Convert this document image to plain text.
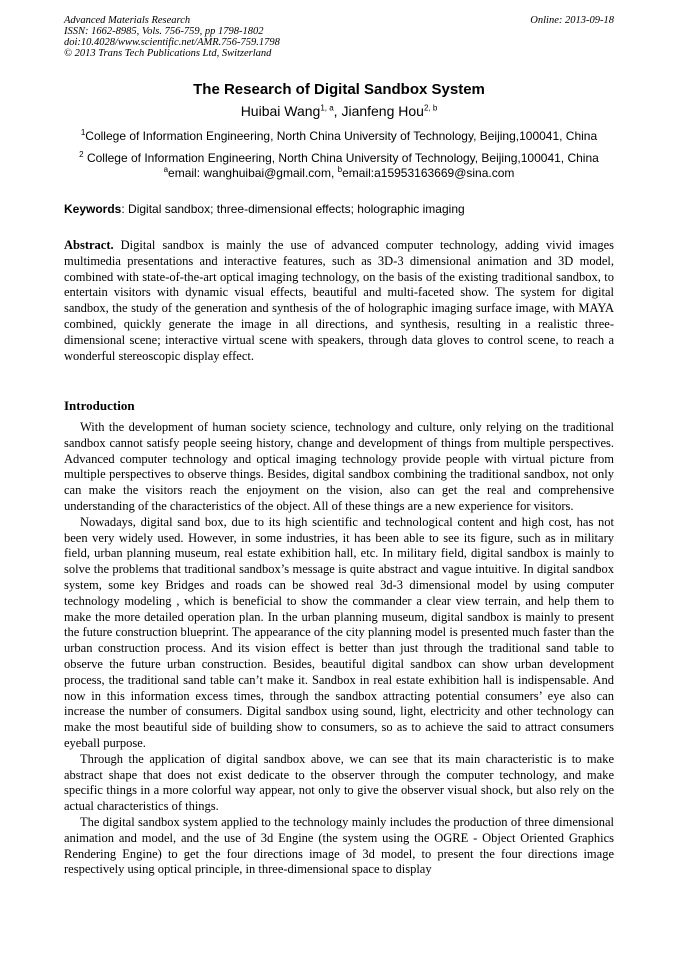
Advanced Materials Research
ISSN: 1662-8985, Vols. 756-759, pp 1798-1802
doi:10.4028/www.scientific.net/AMR.756-759.1798
© 2013 Trans Tech Publications Ltd, Switzerland
Online: 2013-09-18
The Research of Digital Sandbox System
Huibai Wang$^{1, a}$, Jianfeng Hou$^{2, b}$
$^1$College of Information Engineering, North China University of Technology, Beijing,100041, China
$^2$ College of Information Engineering, North China University of Technology, Beijing,100041, China
$^a$email: wanghuibai@gmail.com, $^b$email:a15953163669@sina.com
Keywords: Digital sandbox; three-dimensional effects; holographic imaging

Abstract. Digital sandbox is mainly the use of advanced computer technology, adding vivid images multimedia presentations and interactive features, such as 3D-3 dimensional animation and 3D model, combined with state-of-the-art optical imaging technology, on the basis of the existing traditional sandbox, to entertain visitors with dynamic visual effects, beautiful and multi-faceted show. The system for digital sandbox, the study of the generation and synthesis of the of holographic imaging surface image, with MAYA combined, quickly generate the image in all directions, and synthesis, resulting in a realistic three-dimensional scene; interactive virtual scene with speakers, through data gloves to control scene, to reach a wonderful stereoscopic display effect.

Introduction

With the development of human society science, technology and culture, only relying on the traditional sandbox cannot satisfy people seeing history, change and development of things from multiple perspectives. Advanced computer technology and optical imaging technology provide people with virtual picture from multiple perspectives to observe things. Besides, digital sandbox combining the traditional sandbox, not only can make the visitors reach the enjoyment on the vision, also can get the real and comprehensive understanding of the characteristics of the object. All of these things are a new experience for visitors.

Nowadays, digital sand box, due to its high scientific and technological content and high cost, has not been very widely used. However, in some industries, it has been able to see its figure, such as in military field, urban planning museum, real estate exhibition hall, etc. In military field, digital sandbox is mainly to solve the problems that traditional sandbox’s message is quite abstract and vague intuitive. In digital sandbox system, some key Bridges and roads can be showed real 3d-3 dimensional model by using computer technology modeling , which is beneficial to show the commander a clear view terrain, and help them to make the more detailed operation plan. In the urban planning museum, digital sandbox is mainly to present the future construction blueprint. The appearance of the city planning model is presented much faster than the urban construction process. And its vision effect is better than just through the traditional sand table to observe the future urban construction. Besides, beautiful digital sandbox can show urban development process, the traditional sand table can’t make it. Sandbox in real estate exhibition hall is indispensable. And now in this information excess times, through the sandbox attracting potential consumers’ eye also can increase the number of consumers. Digital sandbox using sound, light, electricity and other technology can make the most beautiful side of building show to consumers, so as to achieve the said to attract consumers eyeball purpose.

Through the application of digital sandbox above, we can see that its main characteristic is to make abstract shape that does not exist dedicate to the observer through the computer technology, and make specific things in a more colorful way appear, not only to give the observer visual shock, but also rely on the actual characteristics of things.

The digital sandbox system applied to the technology mainly includes the production of three dimensional animation and model, and the use of 3d Engine (the system using the OGRE - Object Oriented Graphics Rendering Engine) to get the four directions image of 3d model, to present the four directions image respectively using optical principle, in three-dimensional space to display
